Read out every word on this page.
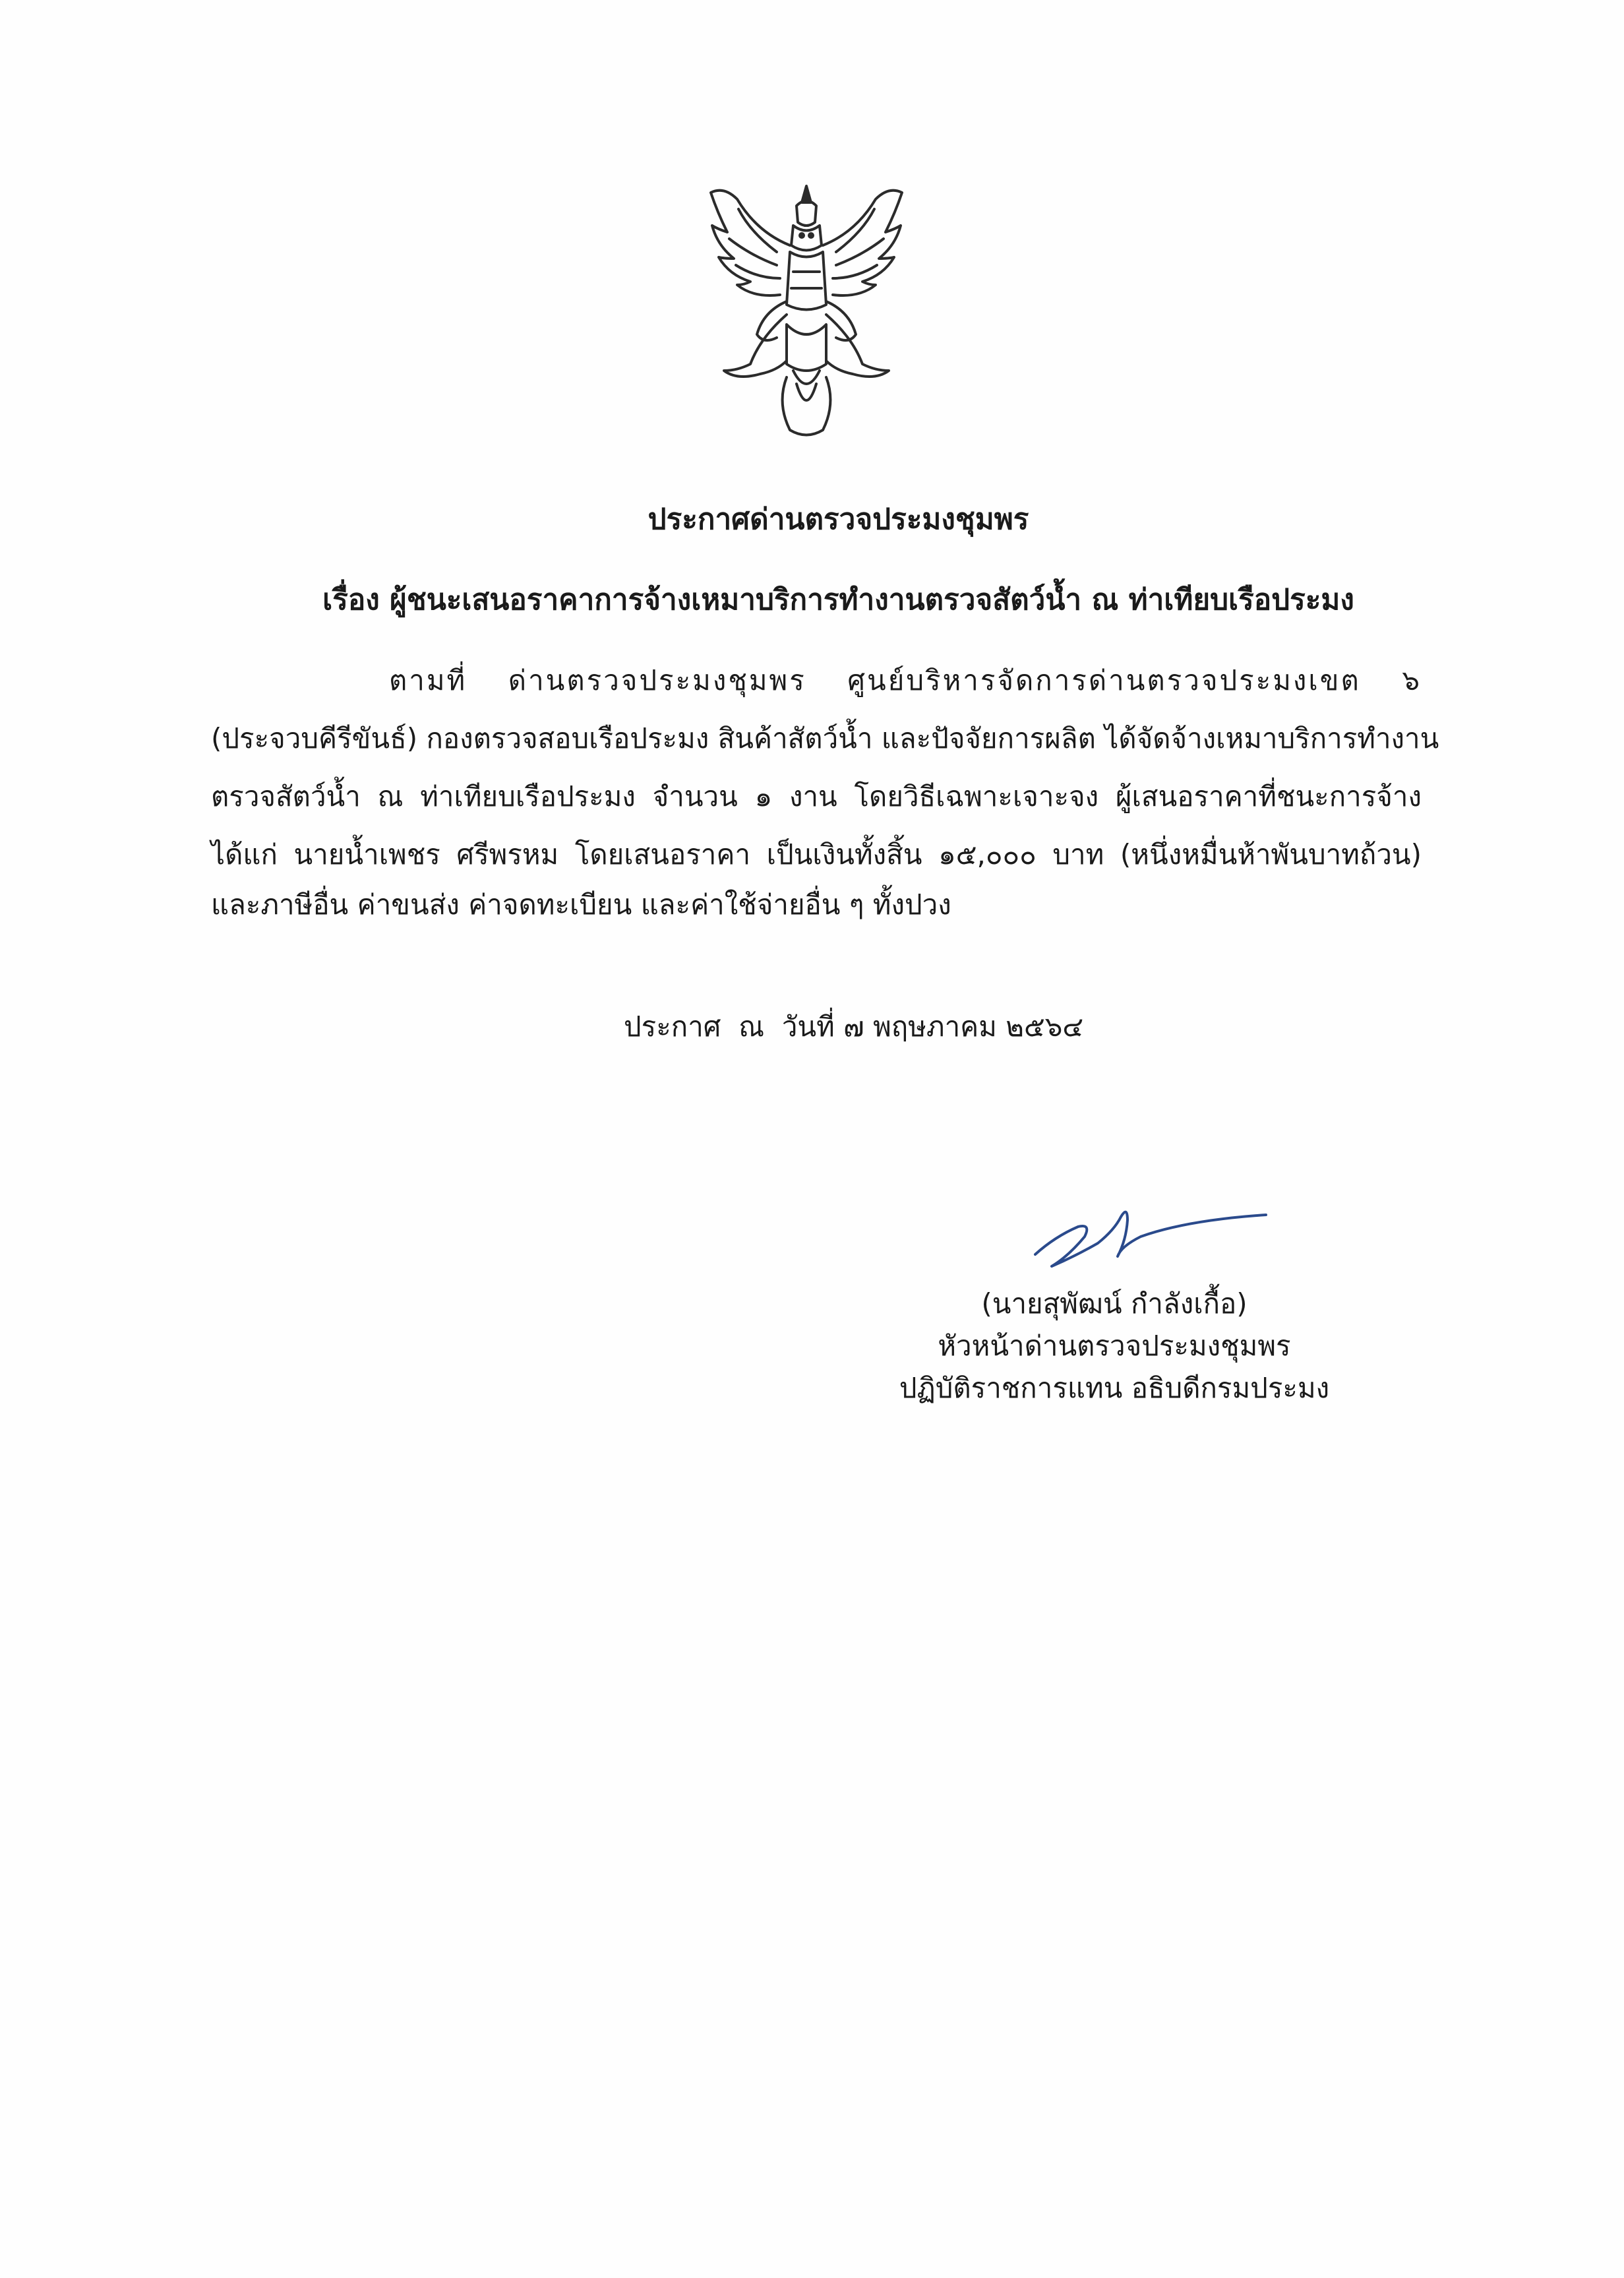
ประกาศด่านตรวจประมงชุมพร
เรื่อง ผู้ชนะเสนอราคาการจ้างเหมาบริการทำงานตรวจสัตว์น้ำ ณ ท่าเทียบเรือประมง
ตามที่ ด่านตรวจประมงชุมพร ศูนย์บริหารจัดการด่านตรวจประมงเขต ๖
(ประจวบคีรีขันธ์) กองตรวจสอบเรือประมง สินค้าสัตว์น้ำ และปัจจัยการผลิต ได้จัดจ้างเหมาบริการทำงาน
ตรวจสัตว์น้ำ ณ ท่าเทียบเรือประมง จำนวน ๑ งาน โดยวิธีเฉพาะเจาะจง ผู้เสนอราคาที่ชนะการจ้าง
ได้แก่ นายน้ำเพชร ศรีพรหม โดยเสนอราคา เป็นเงินทั้งสิ้น ๑๕,๐๐๐ บาท (หนึ่งหมื่นห้าพันบาทถ้วน)
และภาษีอื่น ค่าขนส่ง ค่าจดทะเบียน และค่าใช้จ่ายอื่น ๆ ทั้งปวง
ประกาศ  ณ  วันที่ ๗ พฤษภาคม ๒๕๖๔
(นายสุพัฒน์ กำลังเกื้อ)
หัวหน้าด่านตรวจประมงชุมพร
ปฏิบัติราชการแทน อธิบดีกรมประมง
